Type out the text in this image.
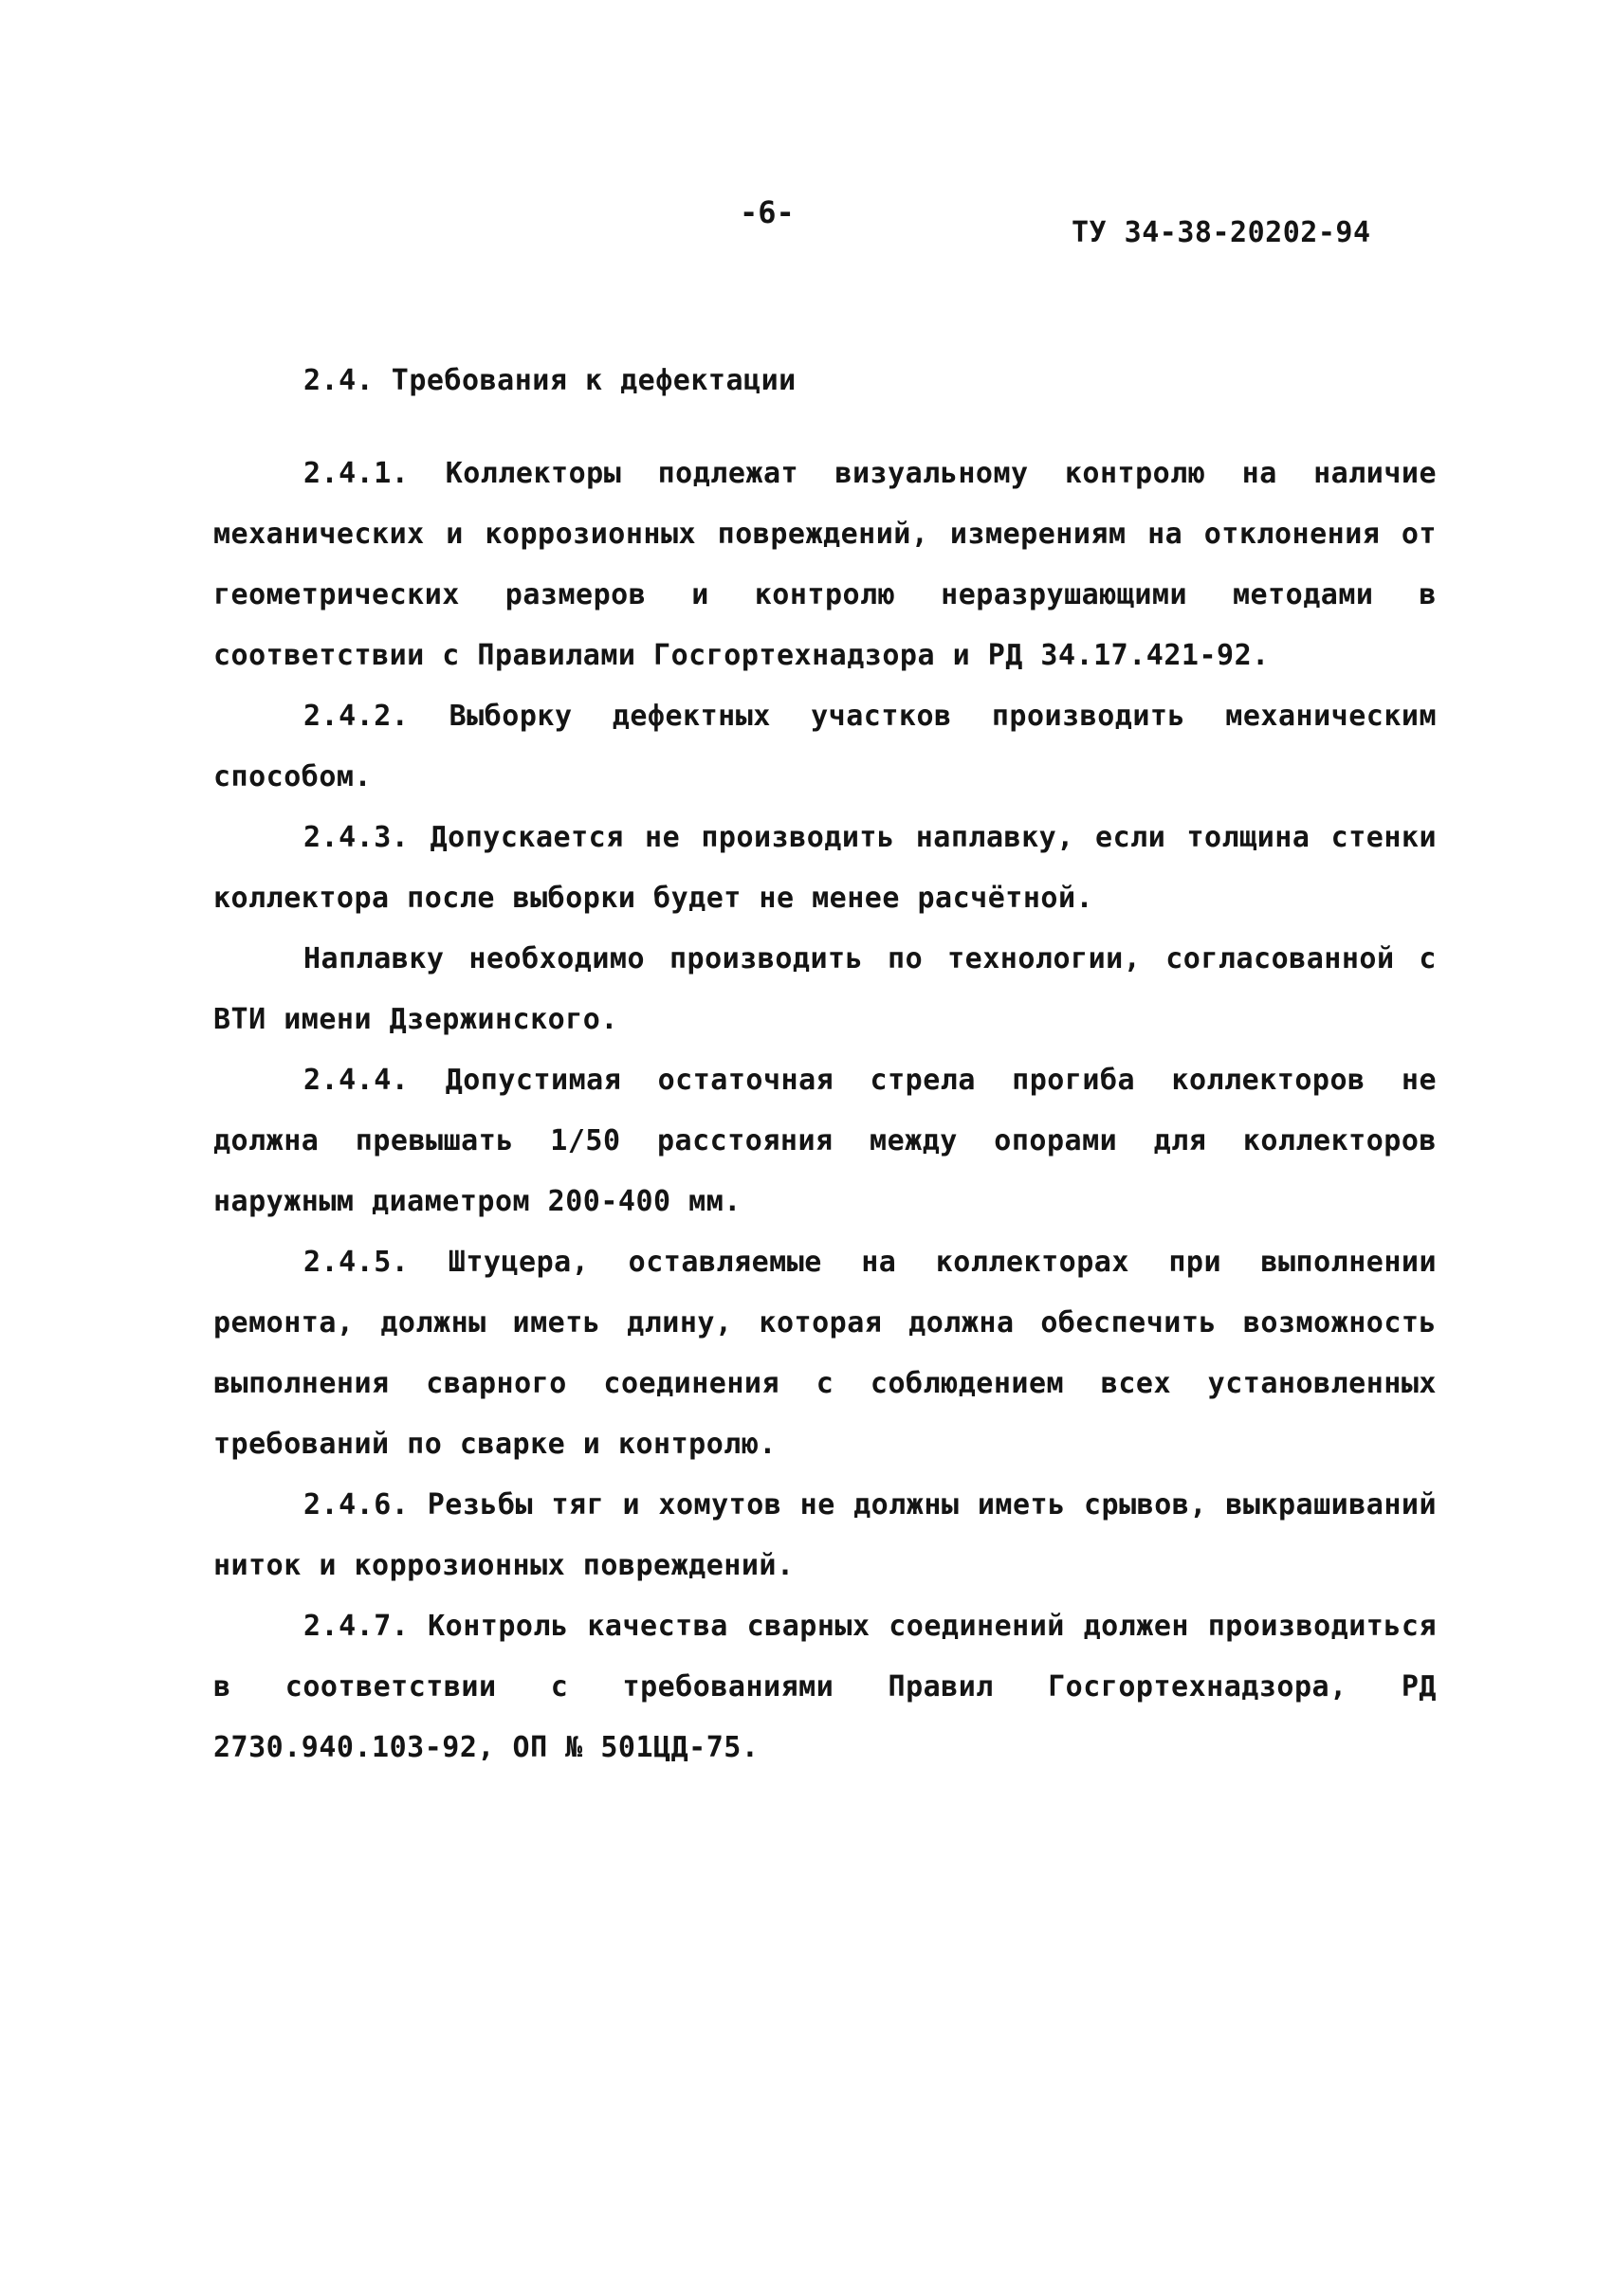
-6-
ТУ 34-38-20202-94
2.4. Требования к дефектации

2.4.1. Коллекторы подлежат визуальному контролю на наличие механических и коррозионных повреждений, измерениям на отклонения от геометрических размеров и контролю неразрушающими методами в соответствии с Правилами Госгортехнадзора и РД 34.17.421-92.

2.4.2. Выборку дефектных участков производить механическим способом.

2.4.3. Допускается не производить наплавку, если толщина стенки коллектора после выборки будет не менее расчётной.

Наплавку необходимо производить по технологии, согласованной с ВТИ имени Дзержинского.

2.4.4. Допустимая остаточная стрела прогиба коллекторов не должна превышать 1/50 расстояния между опорами для коллекторов наружным диаметром 200-400 мм.

2.4.5. Штуцера, оставляемые на коллекторах при выполнении ремонта, должны иметь длину, которая должна обеспечить возможность выполнения сварного соединения с соблюдением всех установленных требований по сварке и контролю.

2.4.6. Резьбы тяг и хомутов не должны иметь срывов, выкрашиваний ниток и коррозионных повреждений.

2.4.7. Контроль качества сварных соединений должен производиться в соответствии с требованиями Правил Госгортехнадзора, РД 2730.940.103-92, ОП № 501ЦД-75.
